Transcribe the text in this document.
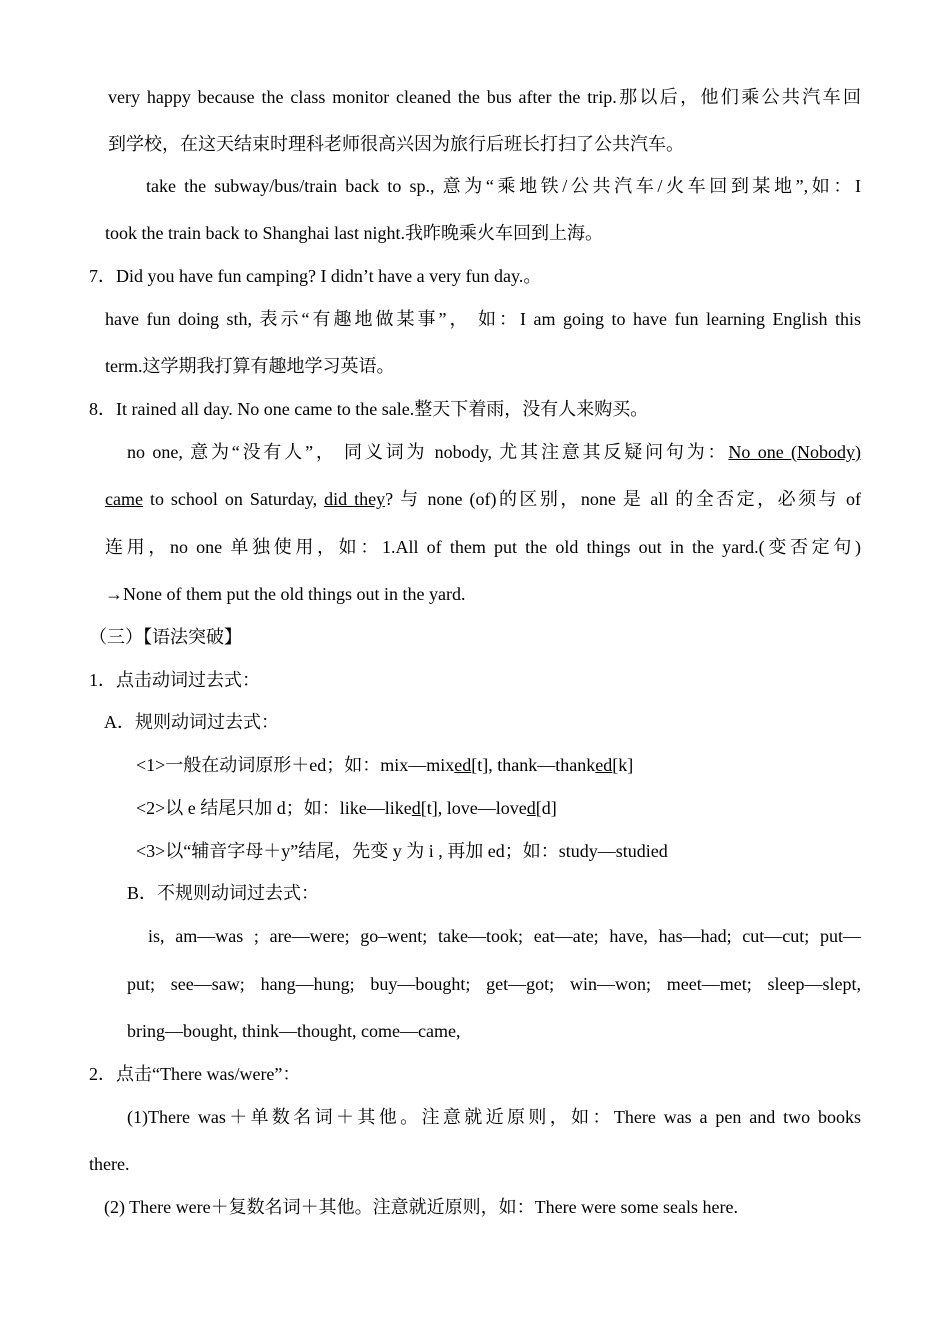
very happy because the class monitor cleaned the bus after the trip.那以后，他们乘公共汽车回
到学校，在这天结束时理科老师很高兴因为旅行后班长打扫了公共汽车。
take the subway/bus/train back to sp., 意为“乘地铁/公共汽车/火车回到某地”,如：I
took the train back to Shanghai last night.我昨晚乘火车回到上海。
7．Did you have fun camping? I didn’t have a very fun day.。
have fun doing sth, 表示“有趣地做某事”， 如：I am going to have fun learning English this
term.这学期我打算有趣地学习英语。
8．It rained all day. No one came to the sale.整天下着雨，没有人来购买。
no one, 意为“没有人”， 同义词为 nobody, 尤其注意其反疑问句为：No one (Nobody)
came to school on Saturday, did they? 与 none (of)的区别，none 是 all 的全否定，必须与 of
连用，no one 单独使用，如：1.All of them put the old things out in the yard.(变否定句)
→None of them put the old things out in the yard.
（三）【语法突破】
1．点击动词过去式：
A．规则动词过去式：
<1>一般在动词原形＋ed；如：mix—mixed[t], thank—thanked[k]
<2>以 e 结尾只加 d；如：like—liked[t], love—loved[d]
<3>以“辅音字母＋y”结尾，先变 y 为 i , 再加 ed；如：study—studied
B．不规则动词过去式：
is, am—was ; are—were; go–went; take—took; eat—ate; have, has—had; cut—cut; put—
put; see—saw; hang—hung; buy—bought; get—got; win—won; meet—met; sleep—slept,
bring—bought, think—thought, come—came,
2．点击“There was/were”：
(1)There was＋单数名词＋其他。注意就近原则，如：There was a pen and two books
there.
(2) There were＋复数名词＋其他。注意就近原则，如：There were some seals here.
